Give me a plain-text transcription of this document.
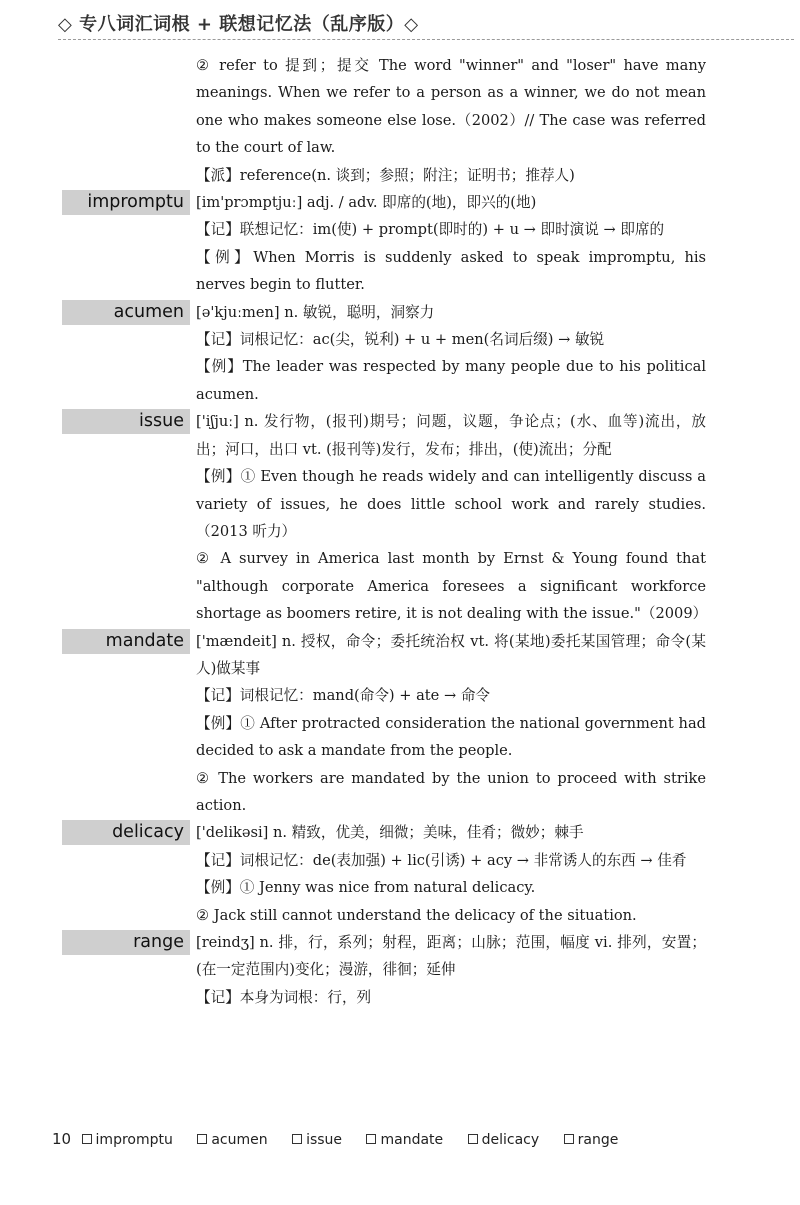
◇ 专八词汇词根 + 联想记忆法（乱序版）◇

② refer to 提到；提交 The word "winner" and "loser" have many meanings. When we refer to a person as a winner, we do not mean one who makes someone else lose.（2002）// The case was referred to the court of law.

【派】reference(n. 谈到；参照；附注；证明书；推荐人)

impromptu [im'prɔmptjuː] adj. / adv. 即席的(地)，即兴的(地)

【记】联想记忆：im(使) + prompt(即时的) + u → 即时演说 → 即席的

【例】When Morris is suddenly asked to speak impromptu, his nerves begin to flutter.

acumen [ə'kjuːmen] n. 敏锐，聪明，洞察力

【记】词根记忆：ac(尖，锐利) + u + men(名词后缀) → 敏锐

【例】The leader was respected by many people due to his political acumen.

issue ['iʃjuː] n. 发行物，(报刊)期号；问题，议题，争论点；(水、血等)流出，放出；河口，出口 vt. (报刊等)发行，发布；排出，(使)流出；分配

【例】① Even though he reads widely and can intelligently discuss a variety of issues, he does little school work and rarely studies.（2013 听力）

② A survey in America last month by Ernst & Young found that "although corporate America foresees a significant workforce shortage as boomers retire, it is not dealing with the issue."（2009）

mandate ['mændeit] n. 授权，命令；委托统治权 vt. 将(某地)委托某国管理；命令(某人)做某事

【记】词根记忆：mand(命令) + ate → 命令

【例】① After protracted consideration the national government had decided to ask a mandate from the people.

② The workers are mandated by the union to proceed with strike action.

delicacy ['delikəsi] n. 精致，优美，细微；美味，佳肴；微妙；棘手

【记】词根记忆：de(表加强) + lic(引诱) + acy → 非常诱人的东西 → 佳肴

【例】① Jenny was nice from natural delicacy.

② Jack still cannot understand the delicacy of the situation.

range [reindʒ] n. 排，行，系列；射程，距离；山脉；范围，幅度 vi. 排列，安置；(在一定范围内)变化；漫游，徘徊；延伸

【记】本身为词根：行，列

10 impromptu	acumen	issue	mandate	delicacy	range
